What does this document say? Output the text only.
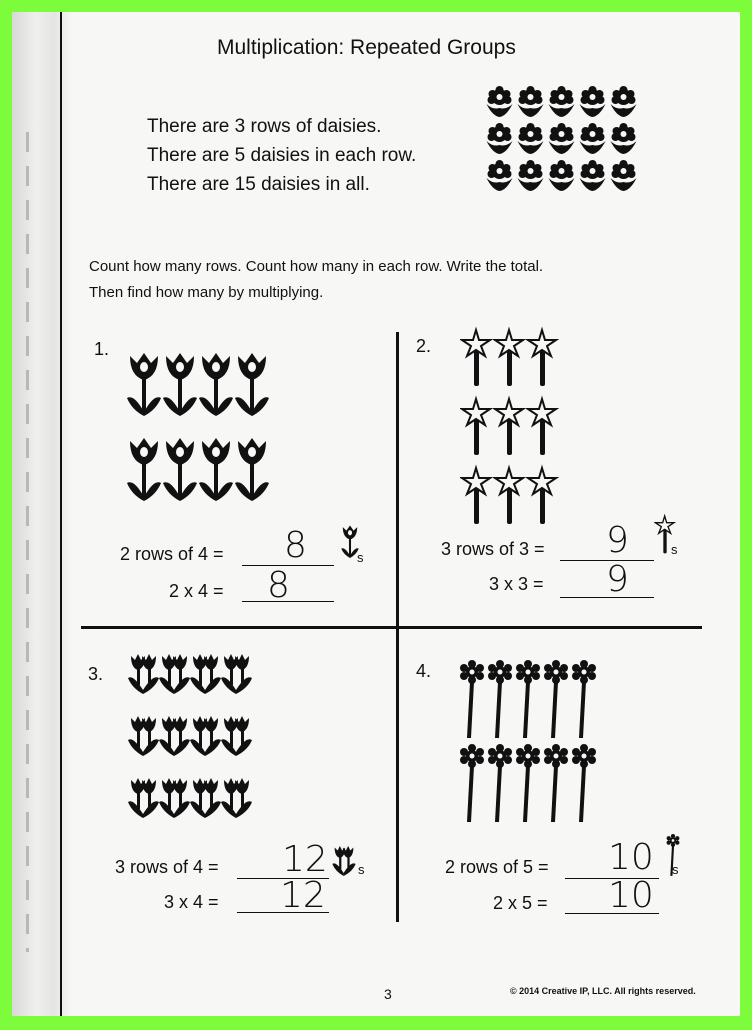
Multiplication: Repeated Groups
There are 3 rows of daisies.
There are 5 daisies in each row.
There are 15 daisies in all.
Count how many rows. Count how many in each row. Write the total.
Then find how many by multiplying.
1.
2 rows of 4 = 8	s
2 x 4 = 8
2.
3 rows of 3 = 9	s
3 x 3 = 9
3.
3 rows of 4 = 12 s
3 x 4 = 12
4.
2 rows of 5 = 10 s
2 x 5 = 10
3	© 2014 Creative IP, LLC. All rights reserved.
